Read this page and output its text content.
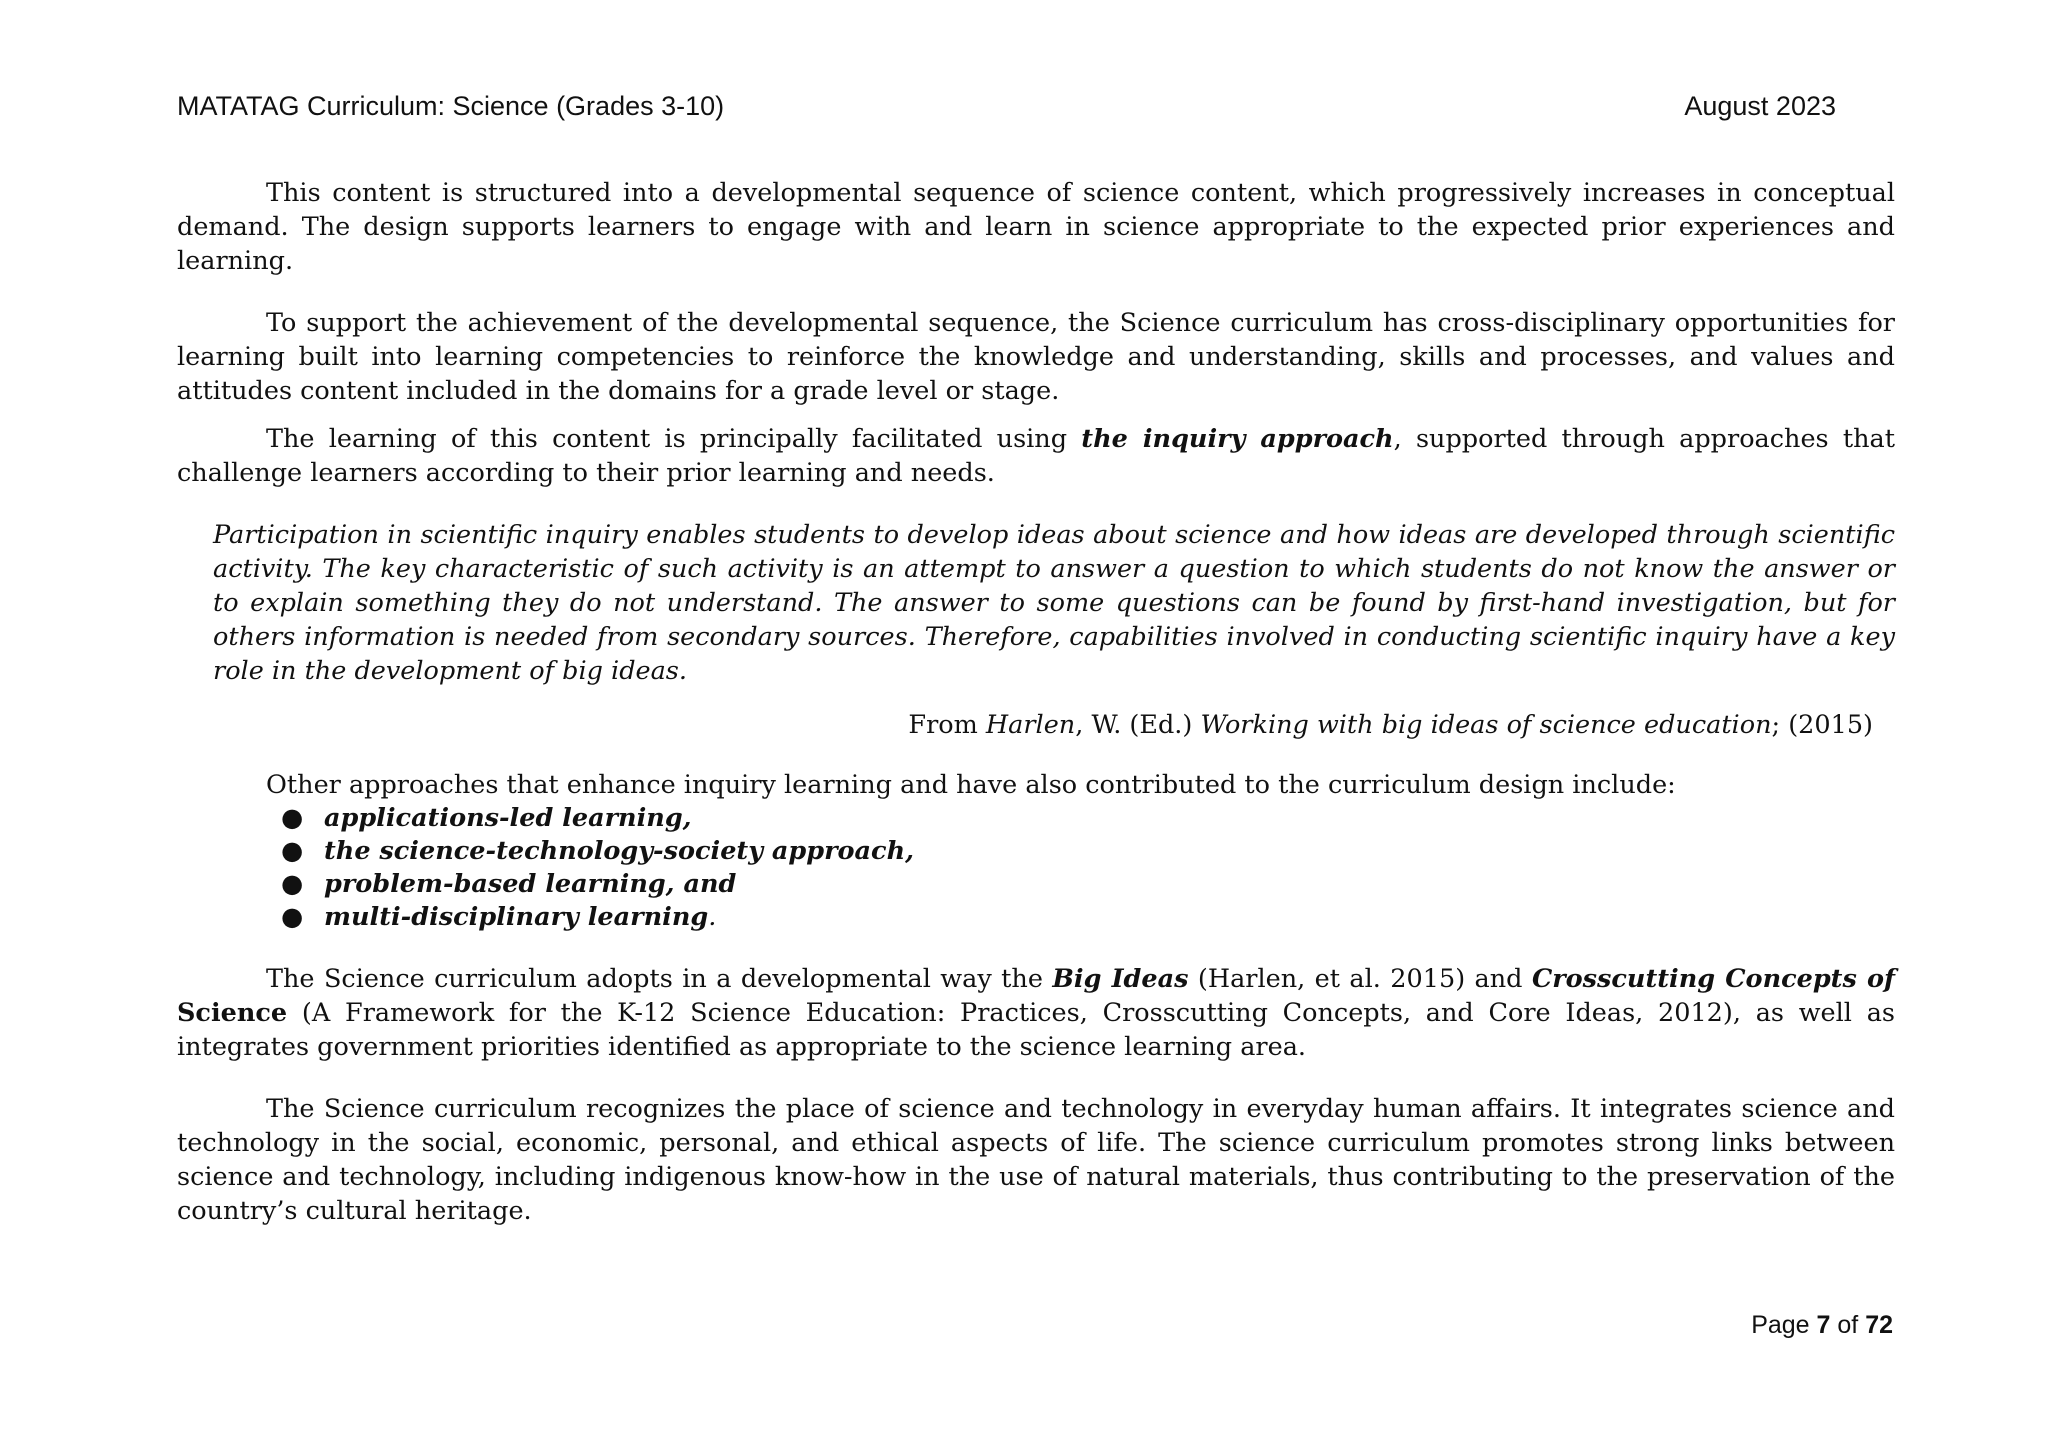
MATATAG Curriculum: Science (Grades 3-10)	August 2023

This content is structured into a developmental sequence of science content, which progressively increases in conceptual demand. The design supports learners to engage with and learn in science appropriate to the expected prior experiences and learning.

To support the achievement of the developmental sequence, the Science curriculum has cross-disciplinary opportunities for learning built into learning competencies to reinforce the knowledge and understanding, skills and processes, and values and attitudes content included in the domains for a grade level or stage.

The learning of this content is principally facilitated using the inquiry approach, supported through approaches that challenge learners according to their prior learning and needs.

Participation in scientific inquiry enables students to develop ideas about science and how ideas are developed through scientific activity. The key characteristic of such activity is an attempt to answer a question to which students do not know the answer or to explain something they do not understand. The answer to some questions can be found by first-hand investigation, but for others information is needed from secondary sources. Therefore, capabilities involved in conducting scientific inquiry have a key role in the development of big ideas.

From Harlen, W. (Ed.) Working with big ideas of science education; (2015)
Other approaches that enhance inquiry learning and have also contributed to the curriculum design include:
● applications-led learning,
● the science-technology-society approach,
● problem-based learning, and
● multi-disciplinary learning.

The Science curriculum adopts in a developmental way the Big Ideas (Harlen, et al. 2015) and Crosscutting Concepts of Science (A Framework for the K-12 Science Education: Practices, Crosscutting Concepts, and Core Ideas, 2012), as well as integrates government priorities identified as appropriate to the science learning area.

The Science curriculum recognizes the place of science and technology in everyday human affairs. It integrates science and technology in the social, economic, personal, and ethical aspects of life. The science curriculum promotes strong links between science and technology, including indigenous know-how in the use of natural materials, thus contributing to the preservation of the country’s cultural heritage.

Page 7 of 72
